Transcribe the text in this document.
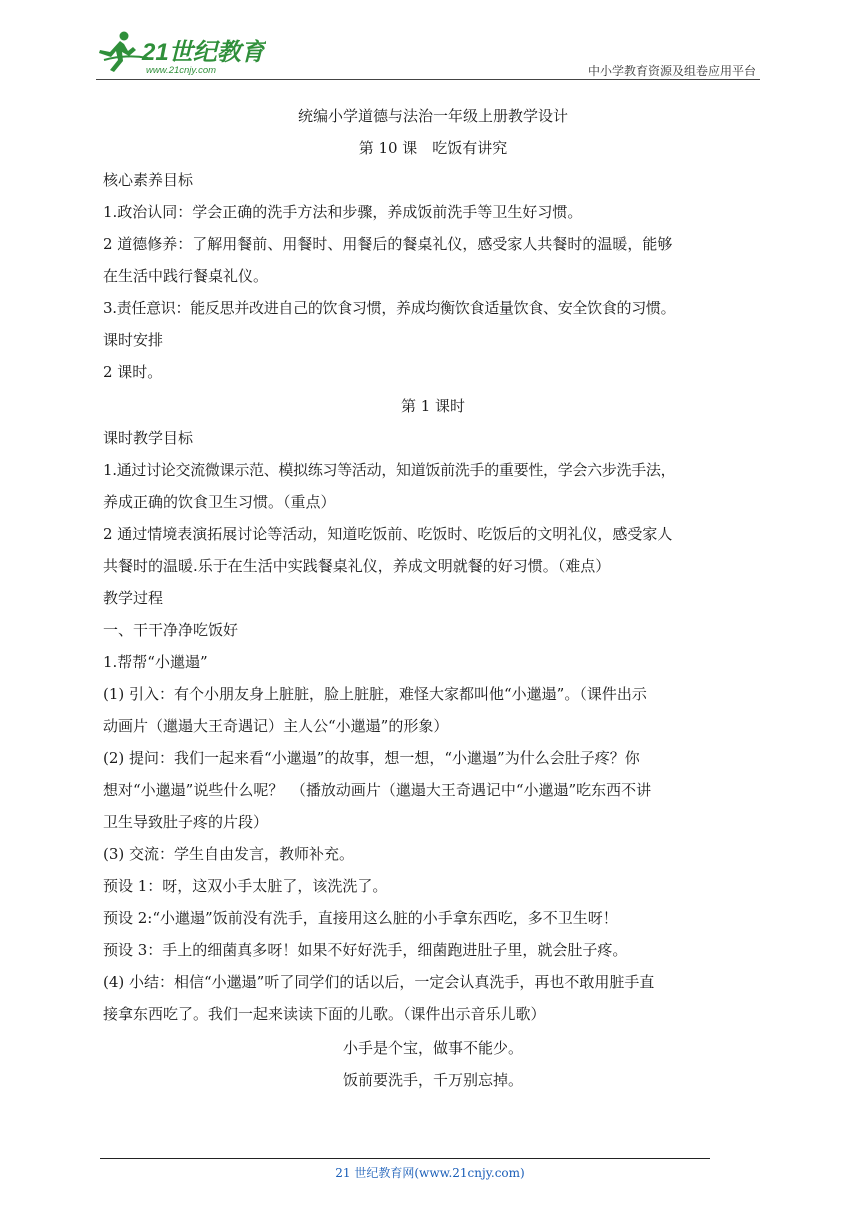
21世纪教育
www.21cnjy.com	中小学教育资源及组卷应用平台
统编小学道德与法治一年级上册教学设计
第 10 课　吃饭有讲究
核心素养目标
1.政治认同：学会正确的洗手方法和步骤，养成饭前洗手等卫生好习惯。
2 道德修养：了解用餐前、用餐时、用餐后的餐桌礼仪，感受家人共餐时的温暖，能够
在生活中践行餐桌礼仪。
3.责任意识：能反思并改进自己的饮食习惯，养成均衡饮食适量饮食、安全饮食的习惯。
课时安排
2 课时。
第 1 课时
课时教学目标
1.通过讨论交流微课示范、模拟练习等活动，知道饭前洗手的重要性，学会六步洗手法，
养成正确的饮食卫生习惯。（重点）
2 通过情境表演拓展讨论等活动，知道吃饭前、吃饭时、吃饭后的文明礼仪，感受家人
共餐时的温暖.乐于在生活中实践餐桌礼仪，养成文明就餐的好习惯。（难点）
教学过程
一、干干净净吃饭好
1.帮帮“小邋遢”
(1) 引入：有个小朋友身上脏脏，脸上脏脏，难怪大家都叫他“小邋遢”。（课件出示
动画片（邋遢大王奇遇记）主人公“小邋遢”的形象）
(2) 提问：我们一起来看“小邋遢”的故事，想一想，“小邋遢”为什么会肚子疼？你
想对“小邋遢”说些什么呢？　（播放动画片（邋遢大王奇遇记中“小邋遢”吃东西不讲
卫生导致肚子疼的片段）
(3) 交流：学生自由发言，教师补充。
预设 1：呀，这双小手太脏了，该洗洗了。
预设 2:“小邋遢”饭前没有洗手，直接用这么脏的小手拿东西吃，多不卫生呀！
预设 3：手上的细菌真多呀！如果不好好洗手，细菌跑进肚子里，就会肚子疼。
(4) 小结：相信“小邋遢”听了同学们的话以后，一定会认真洗手，再也不敢用脏手直
接拿东西吃了。我们一起来读读下面的儿歌。（课件出示音乐儿歌）
小手是个宝，做事不能少。
饭前要洗手，千万别忘掉。
21 世纪教育网(www.21cnjy.com)
